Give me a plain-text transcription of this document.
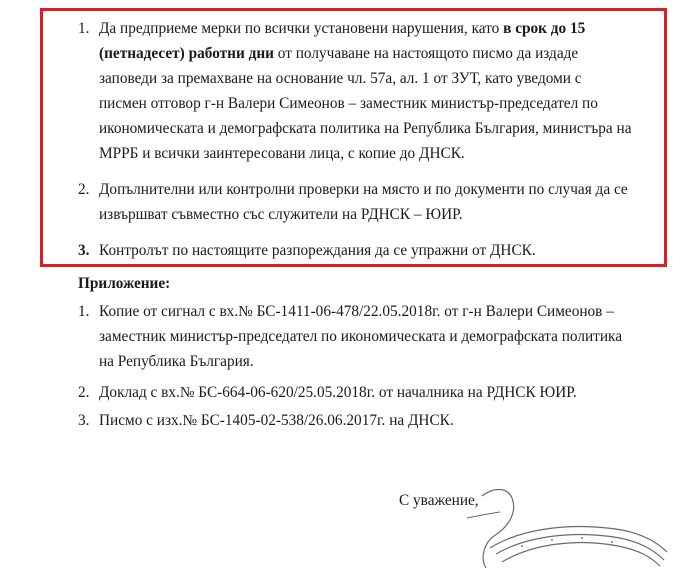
1. Да предприеме мерки по всички установени нарушения, като в срок до 15
(петнадесет) работни дни от получаване на настоящото писмо да издаде
заповеди за премахване на основание чл. 57а, ал. 1 от ЗУТ, като уведоми с
писмен отговор г-н Валери Симеонов – заместник министър-председател по
икономическата и демографската политика на Република България, министъра на
МРРБ и всички заинтересовани лица, с копие до ДНСК.
2. Допълнителни или контролни проверки на място и по документи по случая да се
извършват съвместно със служители на РДНСК – ЮИР.
3. Контролът по настоящите разпореждания да се упражни от ДНСК.
Приложение:
1. Копие от сигнал с вх.№ БС-1411-06-478/22.05.2018г. от г-н Валери Симеонов –
заместник министър-председател по икономическата и демографската политика
на Република България.
2. Доклад с вх.№ БС-664-06-620/25.05.2018г. от началника на РДНСК ЮИР.
3. Писмо с изх.№ БС-1405-02-538/26.06.2017г. на ДНСК.
С уважение,
